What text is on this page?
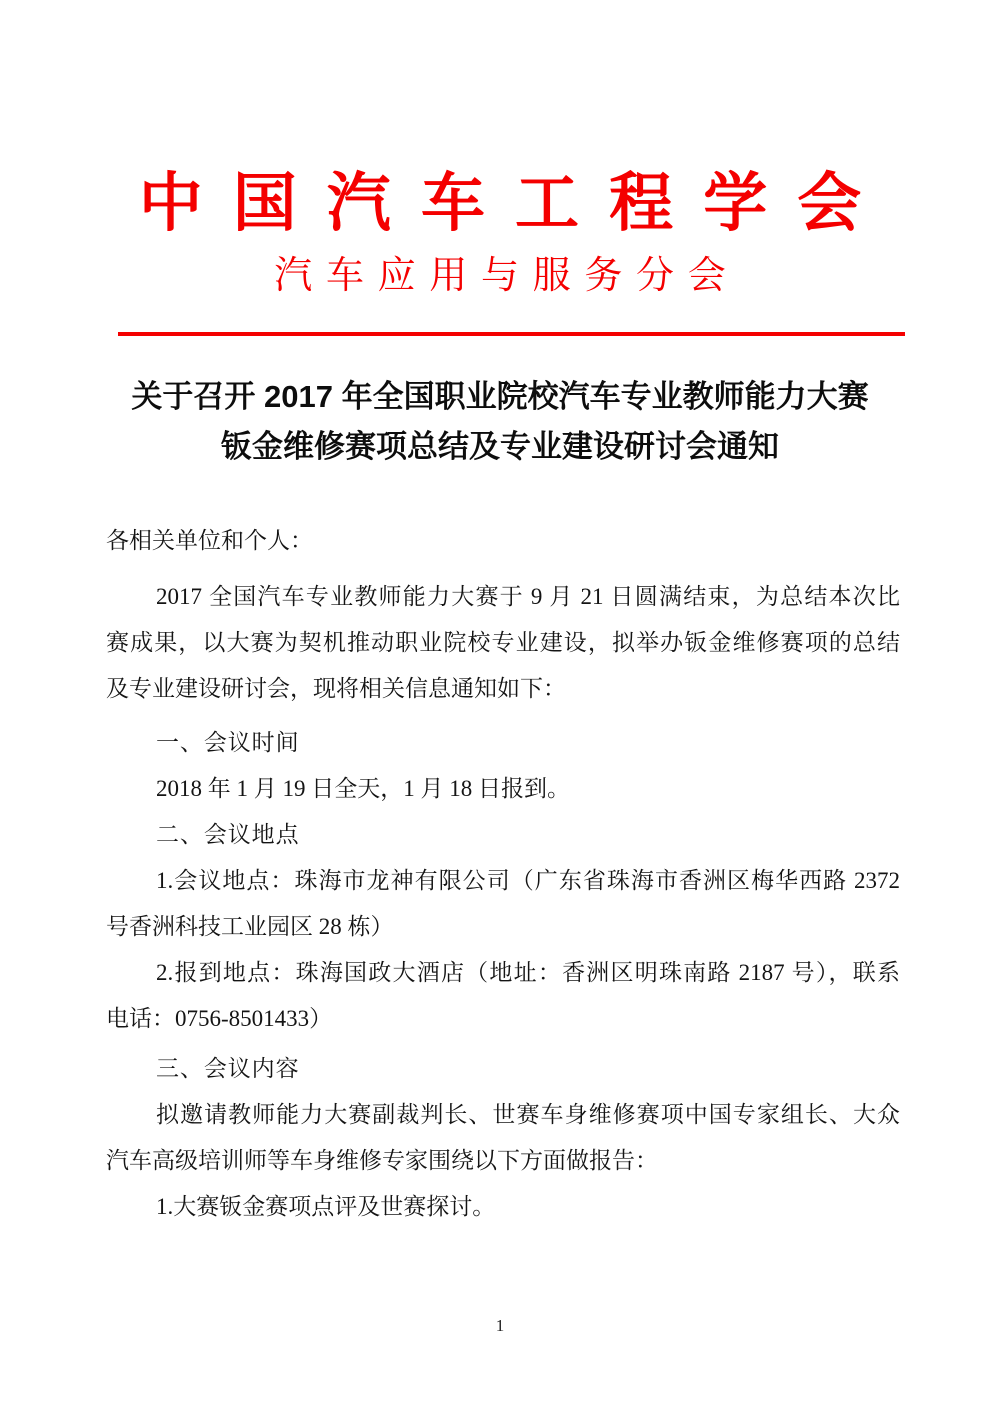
中国汽车工程学会
汽车应用与服务分会
关于召开 2017 年全国职业院校汽车专业教师能力大赛
钣金维修赛项总结及专业建设研讨会通知
各相关单位和个人：
2017 全国汽车专业教师能力大赛于 9 月 21 日圆满结束，为总结本次比
赛成果，以大赛为契机推动职业院校专业建设，拟举办钣金维修赛项的总结
及专业建设研讨会，现将相关信息通知如下：
一、会议时间
2018 年 1 月 19 日全天，1 月 18 日报到。
二、会议地点
1.会议地点：珠海市龙神有限公司（广东省珠海市香洲区梅华西路 2372
号香洲科技工业园区 28 栋）
2.报到地点：珠海国政大酒店（地址：香洲区明珠南路 2187 号），联系
电话：0756-8501433）
三、会议内容
拟邀请教师能力大赛副裁判长、世赛车身维修赛项中国专家组长、大众
汽车高级培训师等车身维修专家围绕以下方面做报告：
1.大赛钣金赛项点评及世赛探讨。
1
